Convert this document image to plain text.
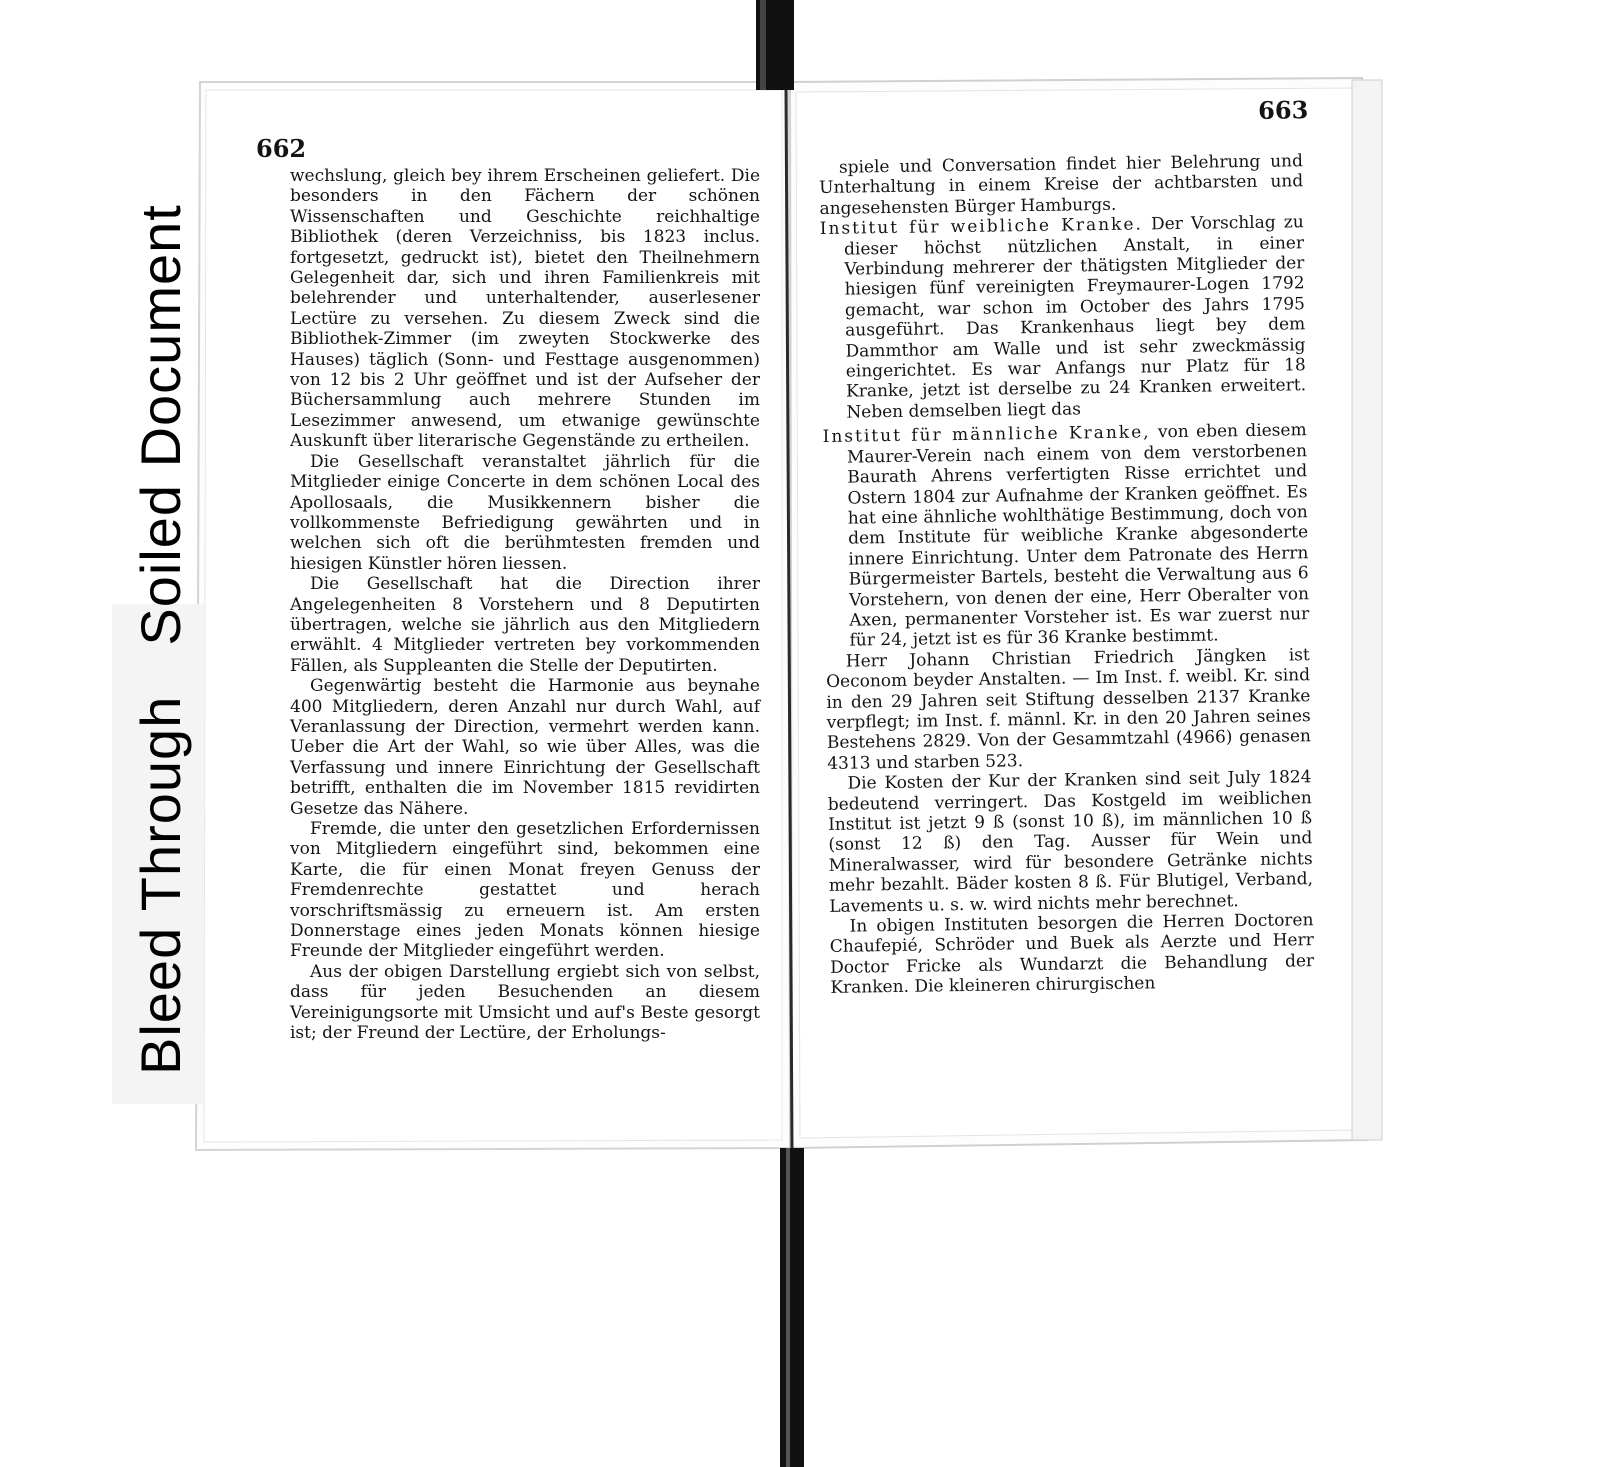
Bleed Through
Soiled Document
662

wechslung, gleich bey ihrem Erscheinen geliefert. Die besonders in den Fächern der schönen Wissenschaften und Geschichte reichhaltige Bibliothek (deren Verzeichniss, bis 1823 inclus. fortgesetzt, gedruckt ist), bietet den Theilnehmern Gelegenheit dar, sich und ihren Familienkreis mit belehrender und unterhaltender, auserlesener Lectüre zu versehen. Zu diesem Zweck sind die Bibliothek-Zimmer (im zweyten Stockwerke des Hauses) täglich (Sonn- und Festtage ausgenommen) von 12 bis 2 Uhr geöffnet und ist der Aufseher der Büchersammlung auch mehrere Stunden im Lesezimmer anwesend, um etwanige gewünschte Auskunft über literarische Gegenstände zu ertheilen.

Die Gesellschaft veranstaltet jährlich für die Mitglieder einige Concerte in dem schönen Local des Apollosaals, die Musikkennern bisher die vollkommenste Befriedigung gewährten und in welchen sich oft die berühmtesten fremden und hiesigen Künstler hören liessen.

Die Gesellschaft hat die Direction ihrer Angelegenheiten 8 Vorstehern und 8 Deputirten übertragen, welche sie jährlich aus den Mitgliedern erwählt. 4 Mitglieder vertreten bey vorkommenden Fällen, als Suppleanten die Stelle der Deputirten.

Gegenwärtig besteht die Harmonie aus beynahe 400 Mitgliedern, deren Anzahl nur durch Wahl, auf Veranlassung der Direction, vermehrt werden kann. Ueber die Art der Wahl, so wie über Alles, was die Verfassung und innere Einrichtung der Gesellschaft betrifft, enthalten die im November 1815 revidirten Gesetze das Nähere.

Fremde, die unter den gesetzlichen Erfordernissen von Mitgliedern eingeführt sind, bekommen eine Karte, die für einen Monat freyen Genuss der Fremdenrechte gestattet und herach vorschriftsmässig zu erneuern ist. Am ersten Donnerstage eines jeden Monats können hiesige Freunde der Mitglieder eingeführt werden.

Aus der obigen Darstellung ergiebt sich von selbst, dass für jeden Besuchenden an diesem Vereinigungsorte mit Umsicht und auf's Beste gesorgt ist; der Freund der Lectüre, der Erholungs-

663

spiele und Conversation findet hier Belehrung und Unterhaltung in einem Kreise der achtbarsten und angesehensten Bürger Hamburgs.

Institut für weibliche Kranke. Der Vorschlag zu dieser höchst nützlichen Anstalt, in einer Verbindung mehrerer der thätigsten Mitglieder der hiesigen fünf vereinigten Freymaurer-Logen 1792 gemacht, war schon im October des Jahrs 1795 ausgeführt. Das Krankenhaus liegt bey dem Dammthor am Walle und ist sehr zweckmässig eingerichtet. Es war Anfangs nur Platz für 18 Kranke, jetzt ist derselbe zu 24 Kranken erweitert. Neben demselben liegt das

Institut für männliche Kranke, von eben diesem Maurer-Verein nach einem von dem verstorbenen Baurath Ahrens verfertigten Risse errichtet und Ostern 1804 zur Aufnahme der Kranken geöffnet. Es hat eine ähnliche wohlthätige Bestimmung, doch von dem Institute für weibliche Kranke abgesonderte innere Einrichtung. Unter dem Patronate des Herrn Bürgermeister Bartels, besteht die Verwaltung aus 6 Vorstehern, von denen der eine, Herr Oberalter von Axen, permanenter Vorsteher ist. Es war zuerst nur für 24, jetzt ist es für 36 Kranke bestimmt.

Herr Johann Christian Friedrich Jängken ist Oeconom beyder Anstalten. — Im Inst. f. weibl. Kr. sind in den 29 Jahren seit Stiftung desselben 2137 Kranke verpflegt; im Inst. f. männl. Kr. in den 20 Jahren seines Bestehens 2829. Von der Gesammtzahl (4966) genasen 4313 und starben 523.

Die Kosten der Kur der Kranken sind seit July 1824 bedeutend verringert. Das Kostgeld im weiblichen Institut ist jetzt 9 ß (sonst 10 ß), im männlichen 10 ß (sonst 12 ß) den Tag. Ausser für Wein und Mineralwasser, wird für besondere Getränke nichts mehr bezahlt. Bäder kosten 8 ß. Für Blutigel, Verband, Lavements u. s. w. wird nichts mehr berechnet.

In obigen Instituten besorgen die Herren Doctoren Chaufepié, Schröder und Buek als Aerzte und Herr Doctor Fricke als Wundarzt die Behandlung der Kranken. Die kleineren chirurgischen
